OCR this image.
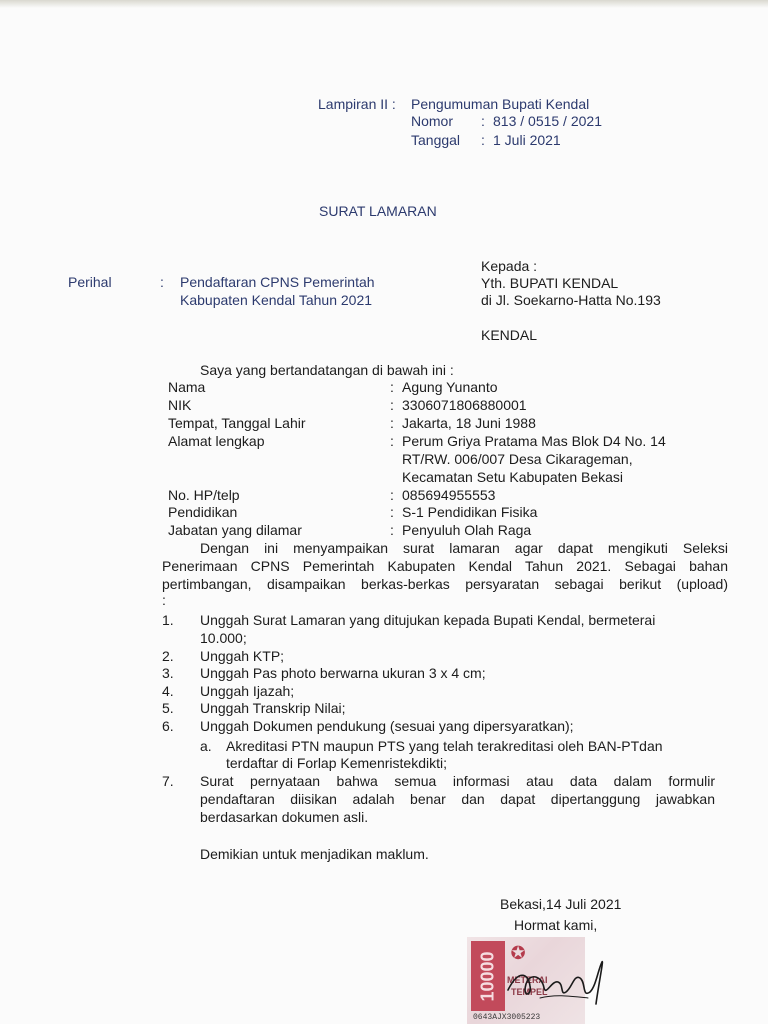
Lampiran II : Pengumuman Bupati Kendal
Nomor : 813 / 0515 / 2021
Tanggal : 1 Juli 2021
SURAT LAMARAN
Kepada :
Yth. BUPATI KENDAL
di Jl. Soekarno-Hatta No.193
KENDAL
Perihal	: Pendaftaran CPNS Pemerintah
Kabupaten Kendal Tahun 2021
Saya yang bertandatangan di bawah ini :
Nama	: Agung Yunanto
NIK	: 3306071806880001
Tempat, Tanggal Lahir	: Jakarta, 18 Juni 1988
Alamat lengkap	: Perum Griya Pratama Mas Blok D4 No. 14
RT/RW. 006/007 Desa Cikarageman,
Kecamatan Setu Kabupaten Bekasi
No. HP/telp	: 085694955553
Pendidikan	: S-1 Pendidikan Fisika
Jabatan yang dilamar	: Penyuluh Olah Raga
Dengan ini menyampaikan surat lamaran agar dapat mengikuti Seleksi
Penerimaan CPNS Pemerintah Kabupaten Kendal Tahun 2021. Sebagai bahan
pertimbangan, disampaikan berkas-berkas persyaratan sebagai berikut (upload)
:
1. Unggah Surat Lamaran yang ditujukan kepada Bupati Kendal, bermeterai
10.000;
2. Unggah KTP;
3. Unggah Pas photo berwarna ukuran 3 x 4 cm;
4. Unggah Ijazah;
5. Unggah Transkrip Nilai;
6. Unggah Dokumen pendukung (sesuai yang dipersyaratkan);
a. Akreditasi PTN maupun PTS yang telah terakreditasi oleh BAN-PTdan
terdaftar di Forlap Kemenristekdikti;
7. Surat pernyataan bahwa semua informasi atau data dalam formulir
pendaftaran diisikan adalah benar dan dapat dipertanggung jawabkan
berdasarkan dokumen asli.
Demikian untuk menjadikan maklum.
Bekasi,14 Juli 2021
Hormat kami,
10000 ✪
METERAI
TEMPEL
0643AJX3005223
